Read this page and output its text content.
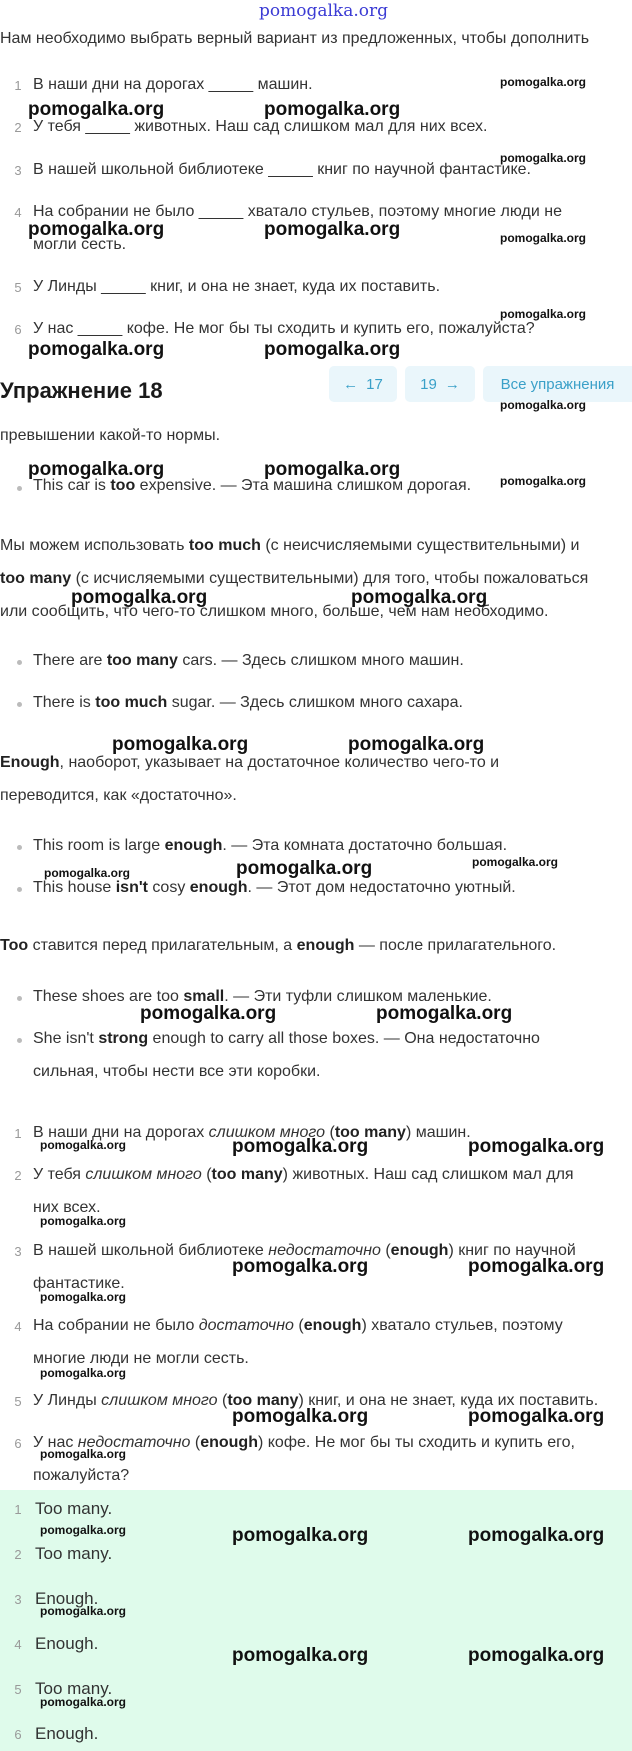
pomogalka.org
Нам необходимо выбрать верный вариант из предложенных, чтобы дополнить
1 В наши дни на дорогах _____ машин.
2 У тебя _____ животных. Наш сад слишком мал для них всех.
3 В нашей школьной библиотеке _____ книг по научной фантастике.
4 На собрании не было _____ хватало стульев, поэтому многие люди не
могли сесть.
5 У Линды _____ книг, и она не знает, куда их поставить.
6 У нас _____ кофе. Не мог бы ты сходить и купить его, пожалуйста?
Упражнение 18	← 17 19 →	Все упражнения
превышении какой-то нормы.
This car is too expensive. — Эта машина слишком дорогая.
Мы можем использовать too much (с неисчисляемыми существительными) и
too many (с исчисляемыми существительными) для того, чтобы пожаловаться
или сообщить, что чего-то слишком много, больше, чем нам необходимо.
There are too many cars. — Здесь слишком много машин.
There is too much sugar. — Здесь слишком много сахара.
Enough, наоборот, указывает на достаточное количество чего-то и
переводится, как «достаточно».
This room is large enough. — Эта комната достаточно большая.
This house isn't cosy enough. — Этот дом недостаточно уютный.
Too ставится перед прилагательным, а enough — после прилагательного.
These shoes are too small. — Эти туфли слишком маленькие.
She isn't strong enough to carry all those boxes. — Она недостаточно
сильная, чтобы нести все эти коробки.
1 В наши дни на дорогах слишком много (too many) машин.
2 У тебя слишком много (too many) животных. Наш сад слишком мал для
них всех.
3 В нашей школьной библиотеке недостаточно (enough) книг по научной
фантастике.
4 На собрании не было достаточно (enough) хватало стульев, поэтому
многие люди не могли сесть.
5 У Линды слишком много (too many) книг, и она не знает, куда их поставить.
6 У нас недостаточно (enough) кофе. Не мог бы ты сходить и купить его,
пожалуйста?
1 Too many.
2 Too many.
3 Enough.
4 Enough.
5 Too many.
6 Enough.
pomogalka.org
pomogalka.org	pomogalka.org
pomogalka.org
pomogalka.org	pomogalka.org	pomogalka.org
pomogalka.org
pomogalka.org	pomogalka.org
pomogalka.org
pomogalka.org	pomogalka.org
pomogalka.org
pomogalka.org	pomogalka.org
pomogalka.org	pomogalka.org
pomogalka.org
pomogalka.org	pomogalka.org
pomogalka.org	pomogalka.org
pomogalka.org	pomogalka.org	pomogalka.org
pomogalka.org
pomogalka.org	pomogalka.org
pomogalka.org
pomogalka.org
pomogalka.org	pomogalka.org
pomogalka.org
pomogalka.org	pomogalka.org	pomogalka.org
pomogalka.org
pomogalka.org	pomogalka.org
pomogalka.org
